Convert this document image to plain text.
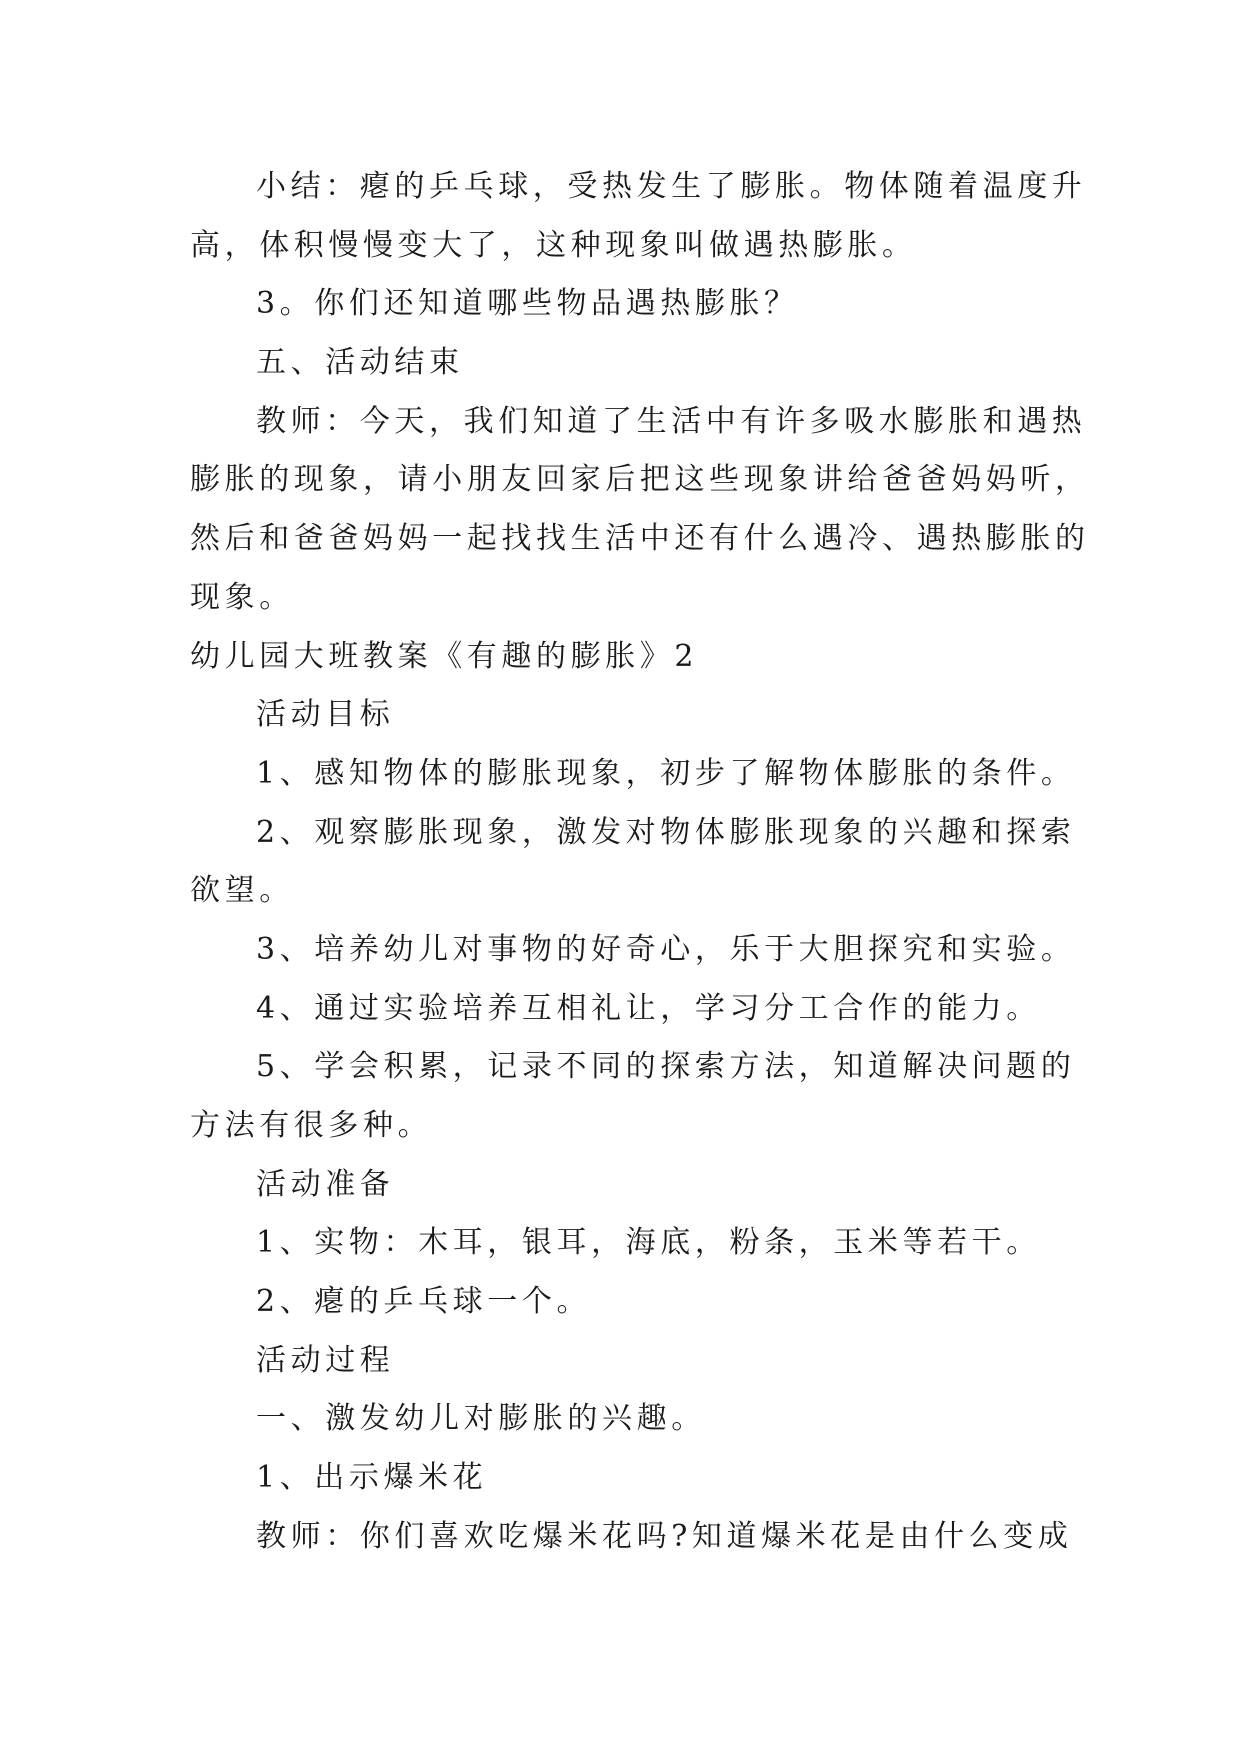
小结：瘪的乒乓球，受热发生了膨胀。物体随着温度升
高，体积慢慢变大了，这种现象叫做遇热膨胀。
3。你们还知道哪些物品遇热膨胀？
五、活动结束
教师：今天，我们知道了生活中有许多吸水膨胀和遇热
膨胀的现象，请小朋友回家后把这些现象讲给爸爸妈妈听，
然后和爸爸妈妈一起找找生活中还有什么遇冷、遇热膨胀的
现象。
幼儿园大班教案《有趣的膨胀》2
活动目标
1、感知物体的膨胀现象，初步了解物体膨胀的条件。
2、观察膨胀现象，激发对物体膨胀现象的兴趣和探索
欲望。
3、培养幼儿对事物的好奇心，乐于大胆探究和实验。
4、通过实验培养互相礼让，学习分工合作的能力。
5、学会积累，记录不同的探索方法，知道解决问题的
方法有很多种。
活动准备
1、实物：木耳，银耳，海底，粉条，玉米等若干。
2、瘪的乒乓球一个。
活动过程
一、激发幼儿对膨胀的兴趣。
1、出示爆米花
教师：你们喜欢吃爆米花吗?知道爆米花是由什么变成
